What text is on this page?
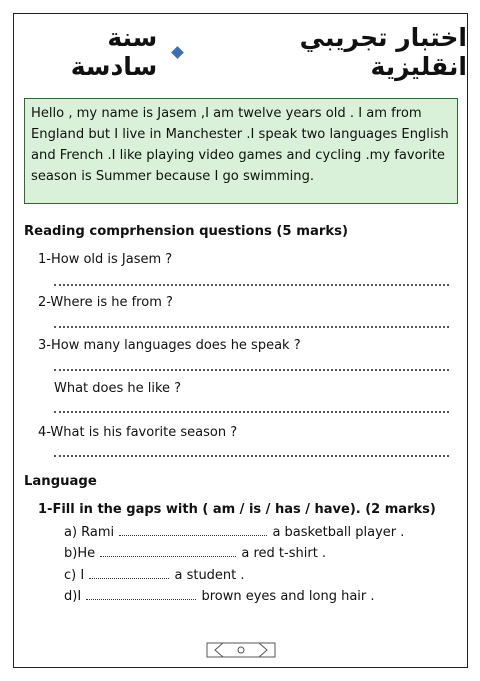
اختبار تجريبي انقليزية
سنة سادسة
Hello , my name is Jasem ,I am twelve years old . I am from England but I live in Manchester .I speak two languages English and French .I like playing video games and cycling .my favorite season is Summer because I go swimming.
Reading comprhension questions (5 marks)
1-How old is Jasem ?
2-Where is he from ?
3-How many languages does he speak ?
What does he like ?
4-What is his favorite season ?
Language
1-Fill in the gaps with ( am / is / has / have). (2 marks)
a) Rami	a basketball player .
b)He	a red t-shirt .
c) I	a student .
d)I	brown eyes and long hair .
